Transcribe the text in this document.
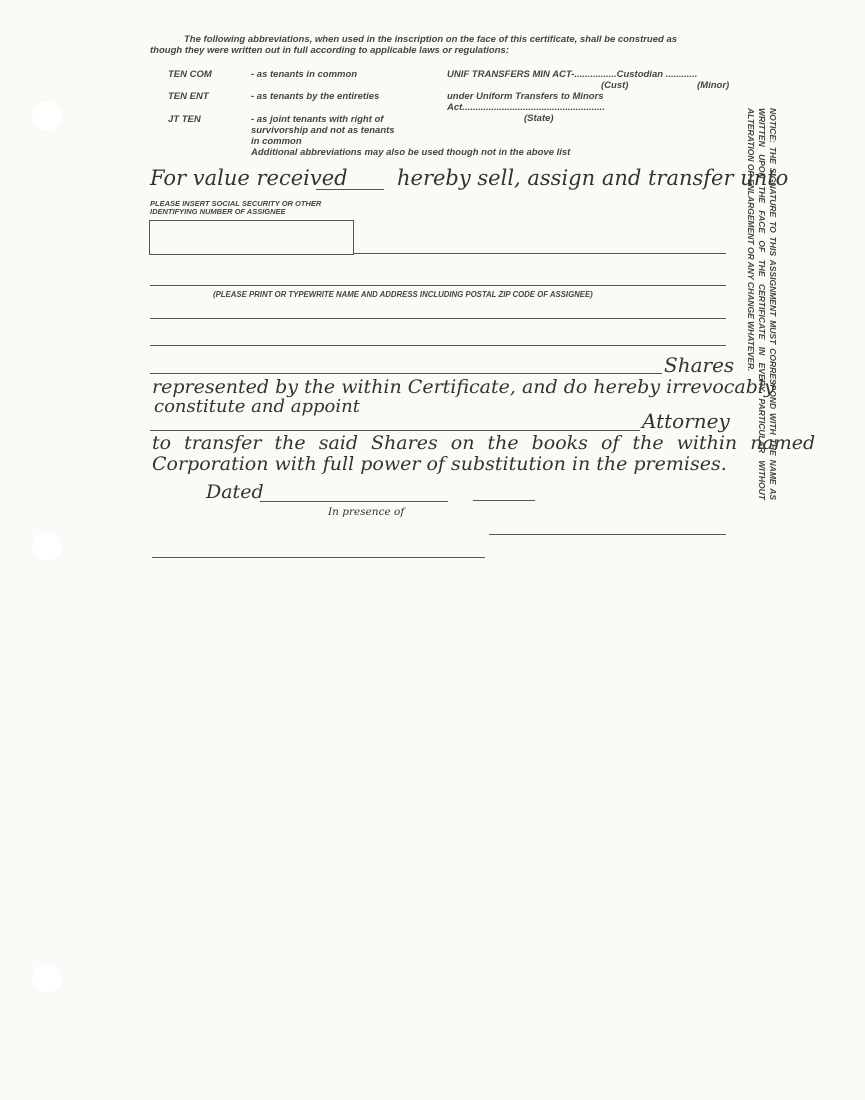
The following abbreviations, when used in the inscription on the face of this certificate, shall be construed as
though they were written out in full according to applicable laws or regulations:
TEN COM	- as tenants in common
TEN ENT	- as tenants by the entireties
JT TEN	- as joint tenants with right of
survivorship and not as tenants
in common
UNIF TRANSFERS MIN ACT-................Custodian ............
(Cust)	(Minor)
under Uniform Transfers to Minors
Act......................................................
(State)
Additional abbreviations may also be used though not in the above list
For value received hereby sell, assign and transfer unto
PLEASE INSERT SOCIAL SECURITY OR OTHER
IDENTIFYING NUMBER OF ASSIGNEE
(PLEASE PRINT OR TYPEWRITE NAME AND ADDRESS INCLUDING POSTAL ZIP CODE OF ASSIGNEE)
Shares
represented by the within Certificate, and do hereby irrevocably
constitute and appoint
Attorney
to transfer the said Shares on the books of the within named
Corporation with full power of substitution in the premises.
Dated
In presence of
NOTICE: THE SIGNATURE TO THIS ASSIGNMENT MUST CORRESPOND WITH THE NAME AS WRITTEN UPON THE FACE OF THE CERTIFICATE IN EVERY PARTICULAR WITHOUT ALTERATION OR ENLARGEMENT OR ANY CHANGE WHATEVER.
